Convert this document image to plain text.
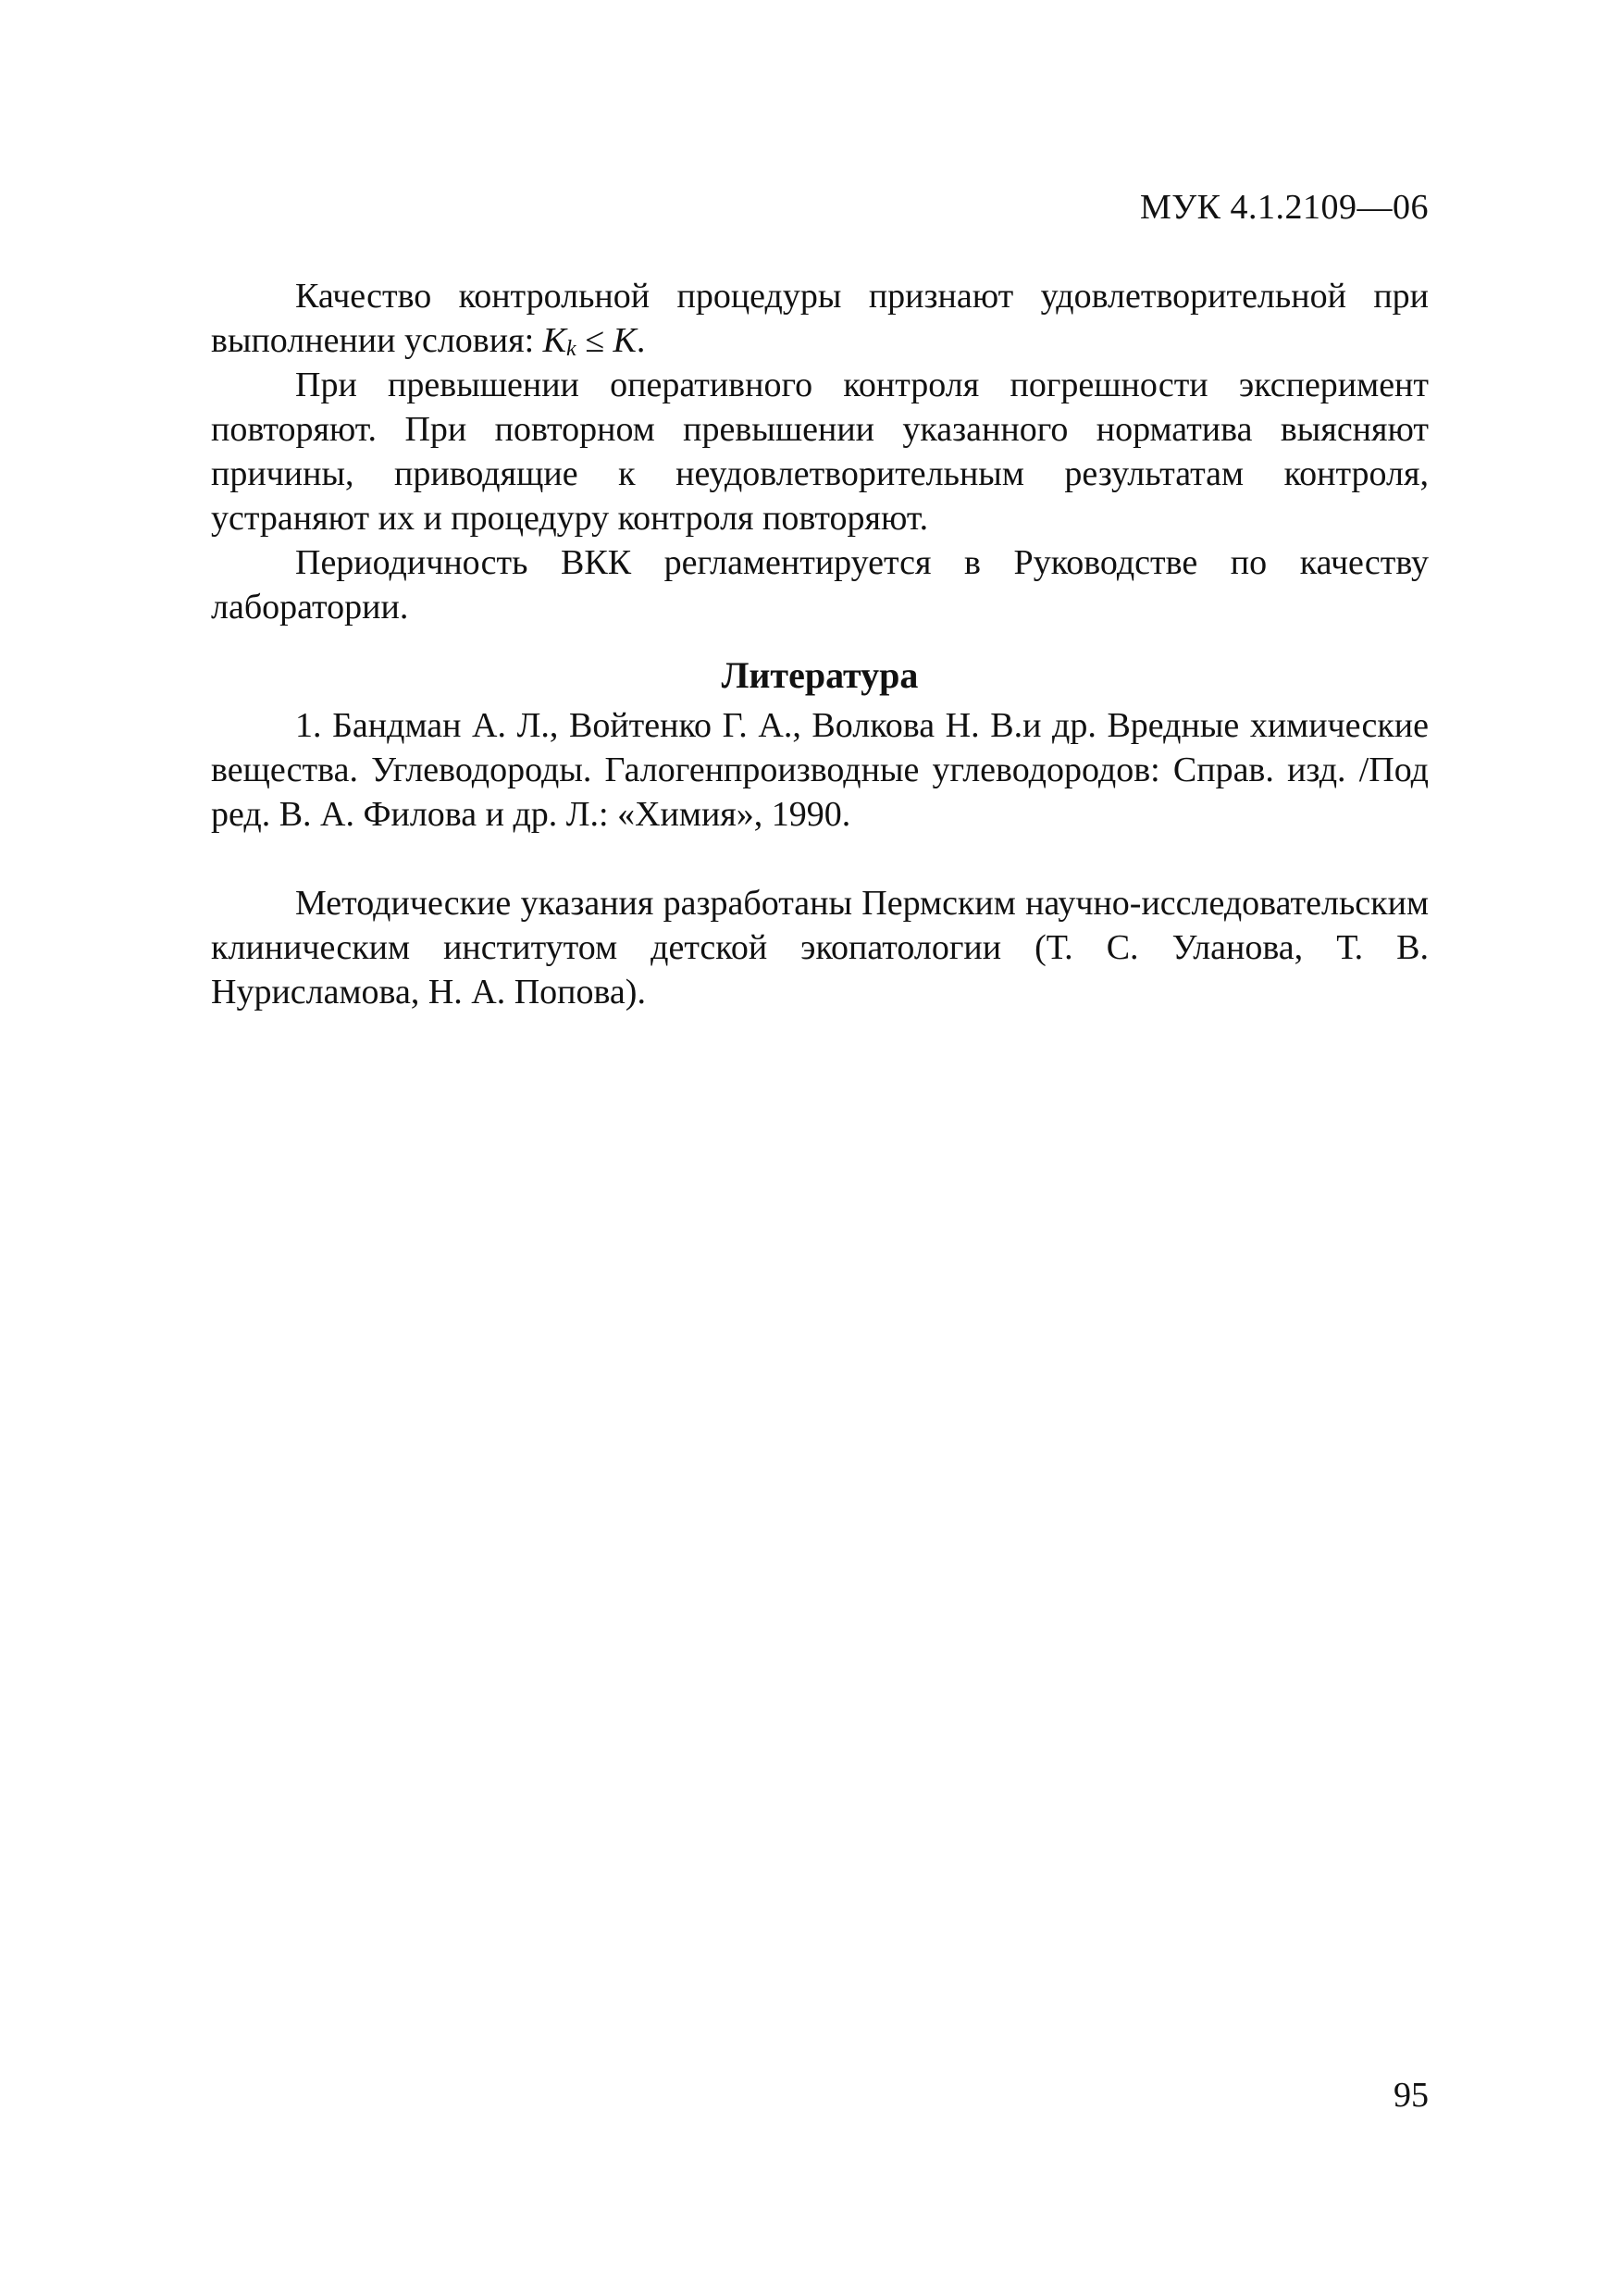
МУК 4.1.2109—06

Качество контрольной процедуры признают удовлетворительной при выполнении условия: $K_k \le K$.

При превышении оперативного контроля погрешности эксперимент повторяют. При повторном превышении указанного норматива выясняют причины, приводящие к неудовлетворительным результатам контроля, устраняют их и процедуру контроля повторяют.

Периодичность ВКК регламентируется в Руководстве по качеству лаборатории.

Литература

1. Бандман А. Л., Войтенко Г. А., Волкова Н. В.и др. Вредные химические вещества. Углеводороды. Галогенпроизводные углеводородов: Справ. изд. /Под ред. В. А. Филова и др. Л.: «Химия», 1990.

Методические указания разработаны Пермским научно-исследовательским клиническим институтом детской экопатологии (Т. С. Уланова, Т. В. Нурисламова, Н. А. Попова).

95
